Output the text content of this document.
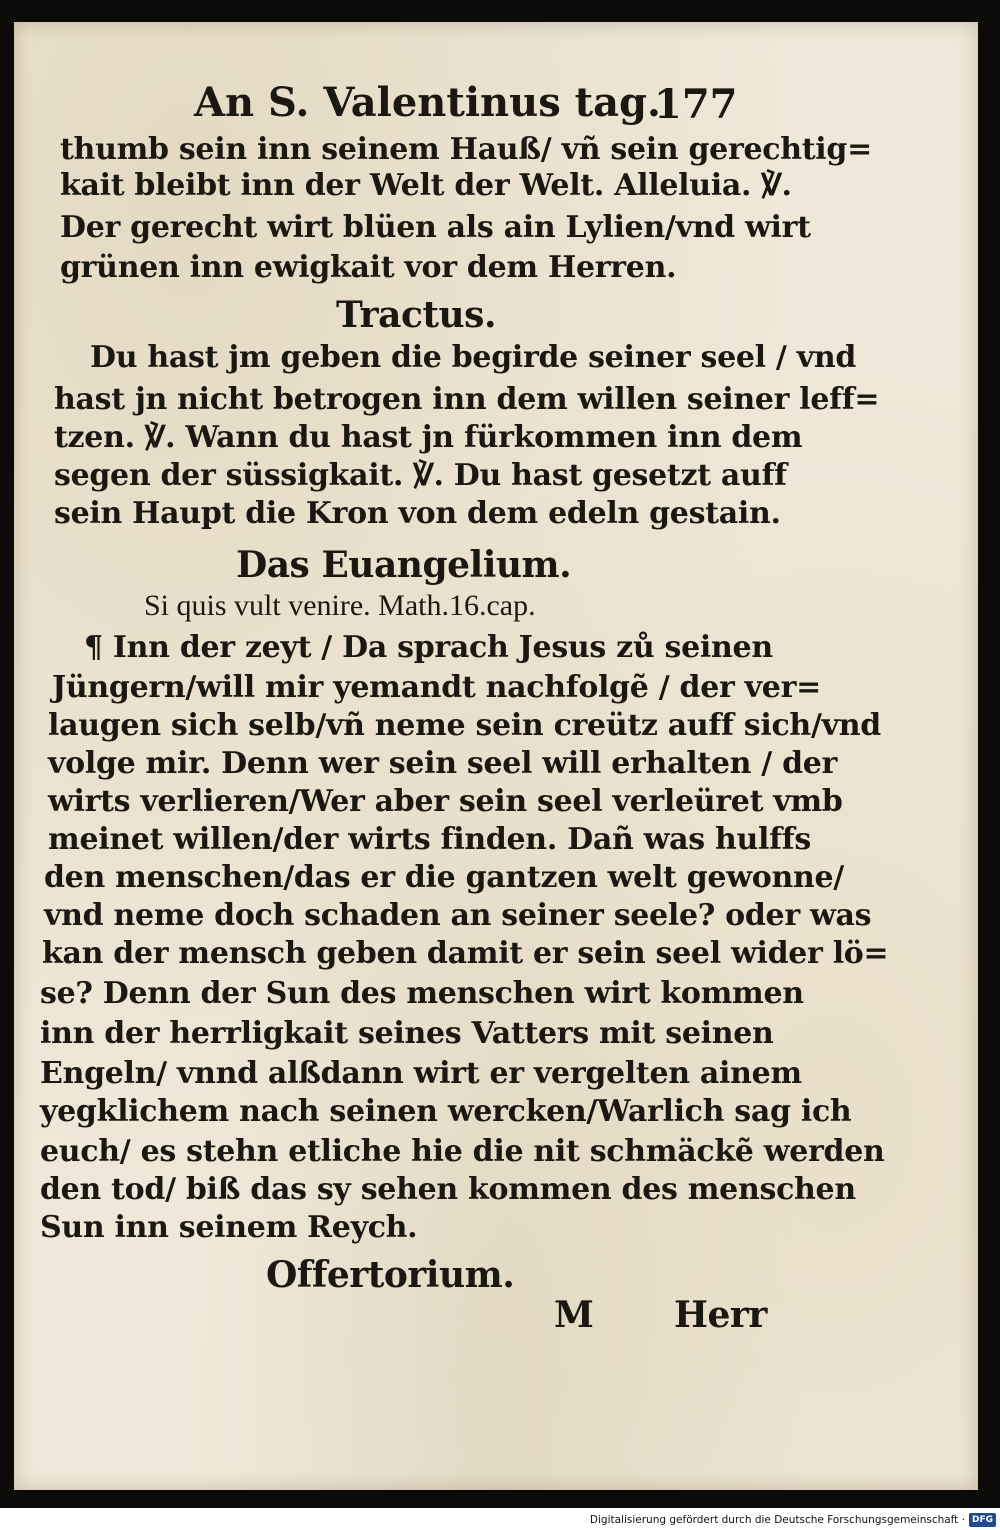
An S. Valentinus tag.
177
thumb sein inn seinem Hauß/ vñ sein gerechtig=
kait bleibt inn der Welt der Welt. Alleluia. ℣.
Der gerecht wirt blüen als ain Lylien/vnd wirt
grünen inn ewigkait vor dem Herren.
Tractus.
Du hast jm geben die begirde seiner seel / vnd
hast jn nicht betrogen inn dem willen seiner leff=
tzen. ℣. Wann du hast jn fürkommen inn dem
segen der süssigkait. ℣. Du hast gesetzt auff
sein Haupt die Kron von dem edeln gestain.
Das Euangelium.
Si quis vult venire. Math.16.cap.
¶ Inn der zeyt / Da sprach Jesus zů seinen
Jüngern/will mir yemandt nachfolgẽ / der ver=
laugen sich selb/vñ neme sein creütz auff sich/vnd
volge mir. Denn wer sein seel will erhalten / der
wirts verlieren/Wer aber sein seel verleüret vmb
meinet willen/der wirts finden. Dañ was hulffs
den menschen/das er die gantzen welt gewonne/
vnd neme doch schaden an seiner seele? oder was
kan der mensch geben damit er sein seel wider lö=
se? Denn der Sun des menschen wirt kommen
inn der herrligkait seines Vatters mit seinen
Engeln/ vnnd alßdann wirt er vergelten ainem
yegklichem nach seinen wercken/Warlich sag ich
euch/ es stehn etliche hie die nit schmäckẽ werden
den tod/ biß das sy sehen kommen des menschen
Sun inn seinem Reych.
Offertorium.
M Herr
Digitalisierung gefördert durch die Deutsche Forschungsgemeinschaft · DFG
